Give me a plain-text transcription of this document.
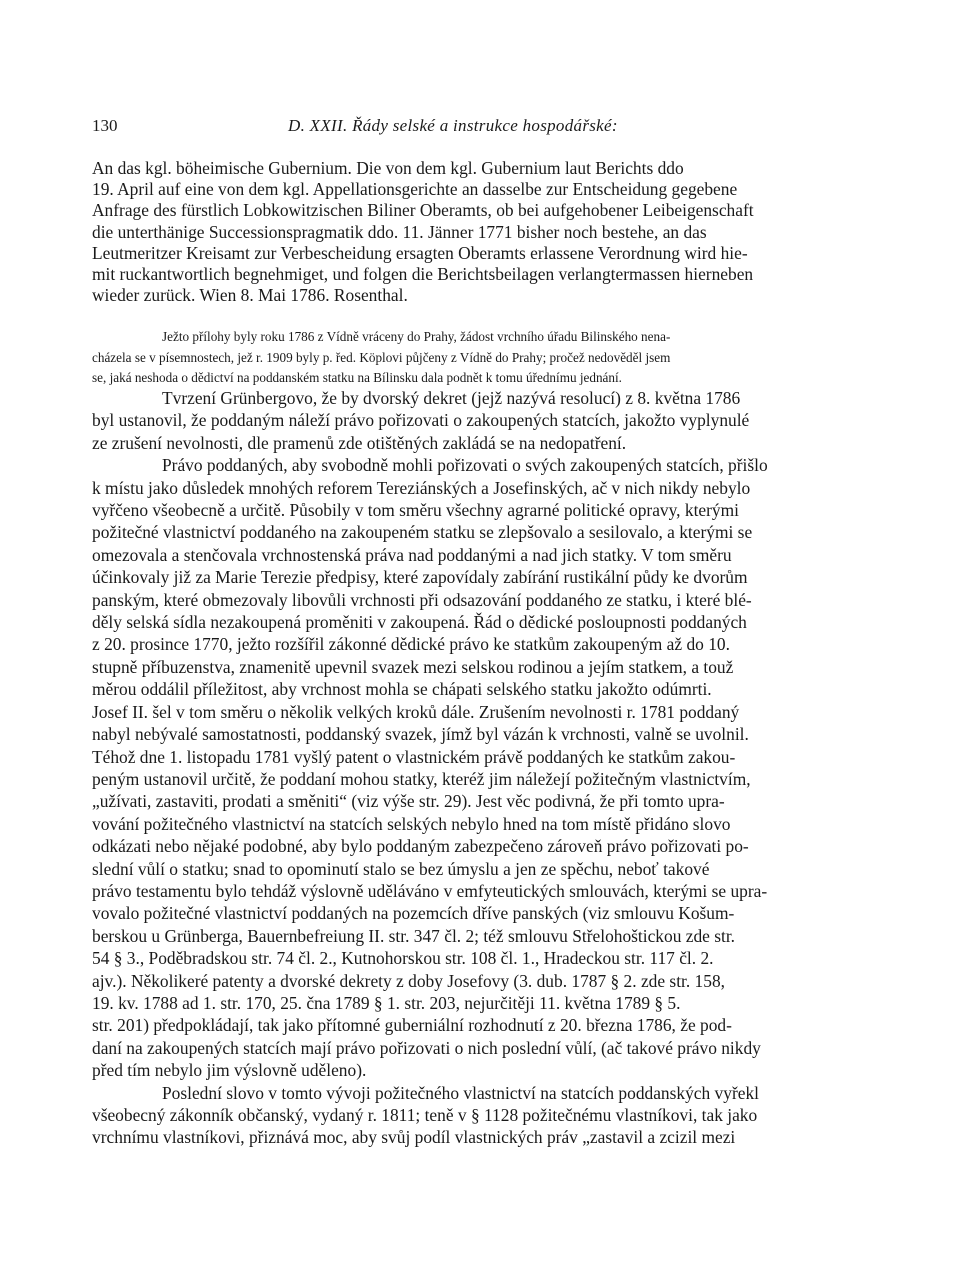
130	D. XXII. Řády selské a instrukce hospodářské:

An das kgl. böheimische Gubernium. Die von dem kgl. Gubernium laut Berichts ddo
19. April auf eine von dem kgl. Appellationsgerichte an dasselbe zur Entscheidung gegebene
Anfrage des fürstlich Lobkowitzischen Biliner Oberamts, ob bei aufgehobener Leibeigenschaft
die unterthänige Successionspragmatik ddo. 11. Jänner 1771 bisher noch bestehe, an das
Leutmeritzer Kreisamt zur Verbescheidung ersagten Oberamts erlassene Verordnung wird hie-
mit ruckantwortlich begnehmiget, und folgen die Berichtsbeilagen verlangtermassen hierneben
wieder zurück. Wien 8. Mai 1786. Rosenthal.

Ježto přílohy byly roku 1786 z Vídně vráceny do Prahy, žádost vrchního úřadu Bilinského nena-
cházela se v písemnostech, jež r. 1909 byly p. řed. Köplovi půjčeny z Vídně do Prahy; pročež nedověděl jsem
se, jaká neshoda o dědictví na poddanském statku na Bílinsku dala podnět k tomu úřednímu jednání.

Tvrzení Grünbergovo, že by dvorský dekret (jejž nazývá resolucí) z 8. května 1786
byl ustanovil, že poddaným náleží právo pořizovati o zakoupených statcích, jakožto vyplynulé
ze zrušení nevolnosti, dle pramenů zde otištěných zakládá se na nedopatření.

Právo poddaných, aby svobodně mohli pořizovati o svých zakoupených statcích, přišlo
k místu jako důsledek mnohých reforem Tereziánských a Josefinských, ač v nich nikdy nebylo
vyřčeno všeobecně a určitě. Působily v tom směru všechny agrarné politické opravy, kterými
požitečné vlastnictví poddaného na zakoupeném statku se zlepšovalo a sesilovalo, a kterými se
omezovala a stenčovala vrchnostenská práva nad poddanými a nad jich statky. V tom směru
účinkovaly již za Marie Terezie předpisy, které zapovídaly zabírání rustikální půdy ke dvorům
panským, které obmezovaly libovůli vrchnosti při odsazování poddaného ze statku, i které blé-
děly selská sídla nezakoupená proměniti v zakoupená. Řád o dědické posloupnosti poddaných
z 20. prosince 1770, ježto rozšířil zákonné dědické právo ke statkům zakoupeným až do 10.
stupně příbuzenstva, znamenitě upevnil svazek mezi selskou rodinou a jejím statkem, a touž
měrou oddálil příležitost, aby vrchnost mohla se chápati selského statku jakožto odúmrti.
Josef II. šel v tom směru o několik velkých kroků dále. Zrušením nevolnosti r. 1781 poddaný
nabyl nebývalé samostatnosti, poddanský svazek, jímž byl vázán k vrchnosti, valně se uvolnil.
Téhož dne 1. listopadu 1781 vyšlý patent o vlastnickém právě poddaných ke statkům zakou-
peným ustanovil určitě, že poddaní mohou statky, kteréž jim náležejí požitečným vlastnictvím,
„užívati, zastaviti, prodati a směniti“ (viz výše str. 29). Jest věc podivná, že při tomto upra-
vování požitečného vlastnictví na statcích selských nebylo hned na tom místě přidáno slovo
odkázati nebo nějaké podobné, aby bylo poddaným zabezpečeno zároveň právo pořizovati po-
slední vůlí o statku; snad to opominutí stalo se bez úmyslu a jen ze spěchu, neboť takové
právo testamentu bylo tehdáž výslovně uděláváno v emfyteutických smlouvách, kterými se upra-
vovalo požitečné vlastnictví poddaných na pozemcích dříve panských (viz smlouvu Košum-
berskou u Grünberga, Bauernbefreiung II. str. 347 čl. 2; též smlouvu Střelohoštickou zde str.
54 § 3., Poděbradskou str. 74 čl. 2., Kutnohorskou str. 108 čl. 1., Hradeckou str. 117 čl. 2.
ajv.). Několikeré patenty a dvorské dekrety z doby Josefovy (3. dub. 1787 § 2. zde str. 158,
19. kv. 1788 ad 1. str. 170, 25. čna 1789 § 1. str. 203, nejurčitěji 11. května 1789 § 5.
str. 201) předpokládají, tak jako přítomné guberniální rozhodnutí z 20. března 1786, že pod-
daní na zakoupených statcích mají právo pořizovati o nich poslední vůlí, (ač takové právo nikdy
před tím nebylo jim výslovně uděleno).

Poslední slovo v tomto vývoji požitečného vlastnictví na statcích poddanských vyřekl
všeobecný zákonník občanský, vydaný r. 1811; teně v § 1128 požitečnému vlastníkovi, tak jako
vrchnímu vlastníkovi, přiznává moc, aby svůj podíl vlastnických práv „zastavil a zcizil mezi
